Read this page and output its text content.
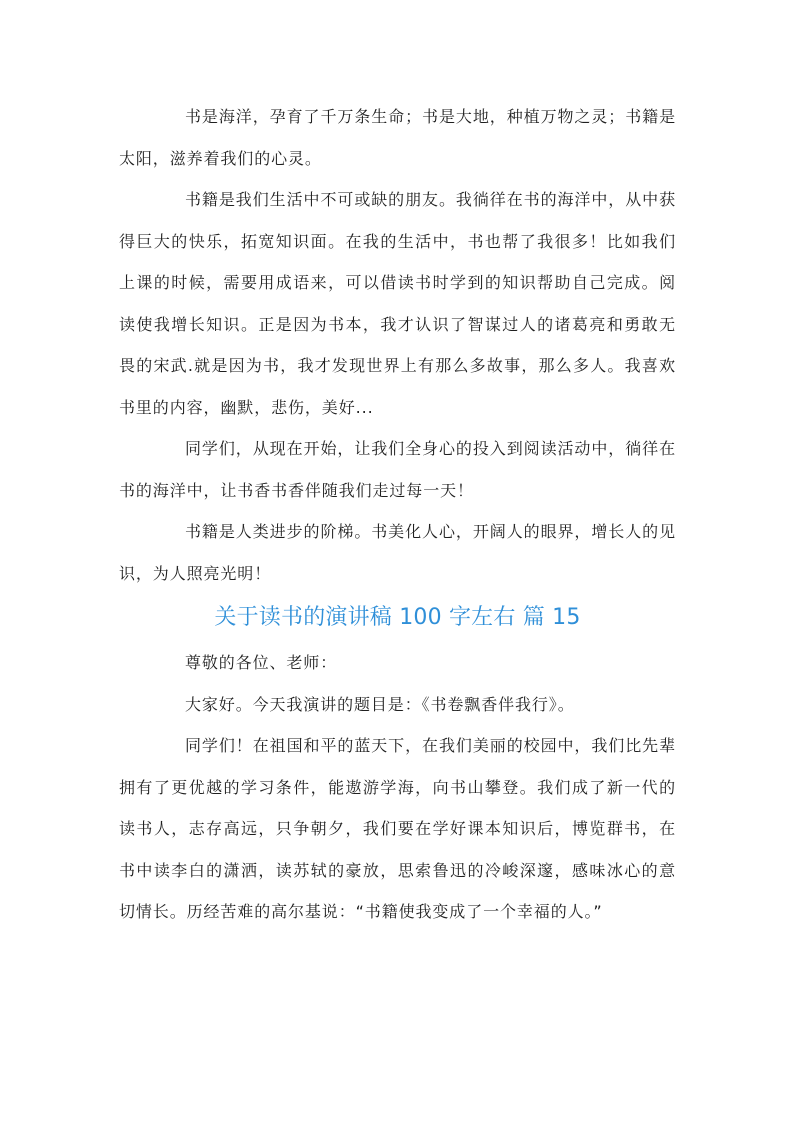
书是海洋，孕育了千万条生命；书是大地，种植万物之灵；书籍是太阳，滋养着我们的心灵。

书籍是我们生活中不可或缺的朋友。我徜徉在书的海洋中，从中获得巨大的快乐，拓宽知识面。在我的生活中，书也帮了我很多！比如我们上课的时候，需要用成语来，可以借读书时学到的知识帮助自己完成。阅读使我增长知识。正是因为书本，我才认识了智谋过人的诸葛亮和勇敢无畏的宋武.就是因为书，我才发现世界上有那么多故事，那么多人。我喜欢书里的内容，幽默，悲伤，美好...

同学们，从现在开始，让我们全身心的投入到阅读活动中，徜徉在书的海洋中，让书香书香伴随我们走过每一天！

书籍是人类进步的阶梯。书美化人心，开阔人的眼界，增长人的见识，为人照亮光明！

关于读书的演讲稿 100 字左右 篇 15

尊敬的各位、老师：

大家好。今天我演讲的题目是：《书卷飘香伴我行》。

同学们！在祖国和平的蓝天下，在我们美丽的校园中，我们比先辈拥有了更优越的学习条件，能遨游学海，向书山攀登。我们成了新一代的读书人，志存高远，只争朝夕，我们要在学好课本知识后，博览群书，在书中读李白的潇洒，读苏轼的豪放，思索鲁迅的冷峻深邃，感味冰心的意切情长。历经苦难的高尔基说：“书籍使我变成了一个幸福的人。”
